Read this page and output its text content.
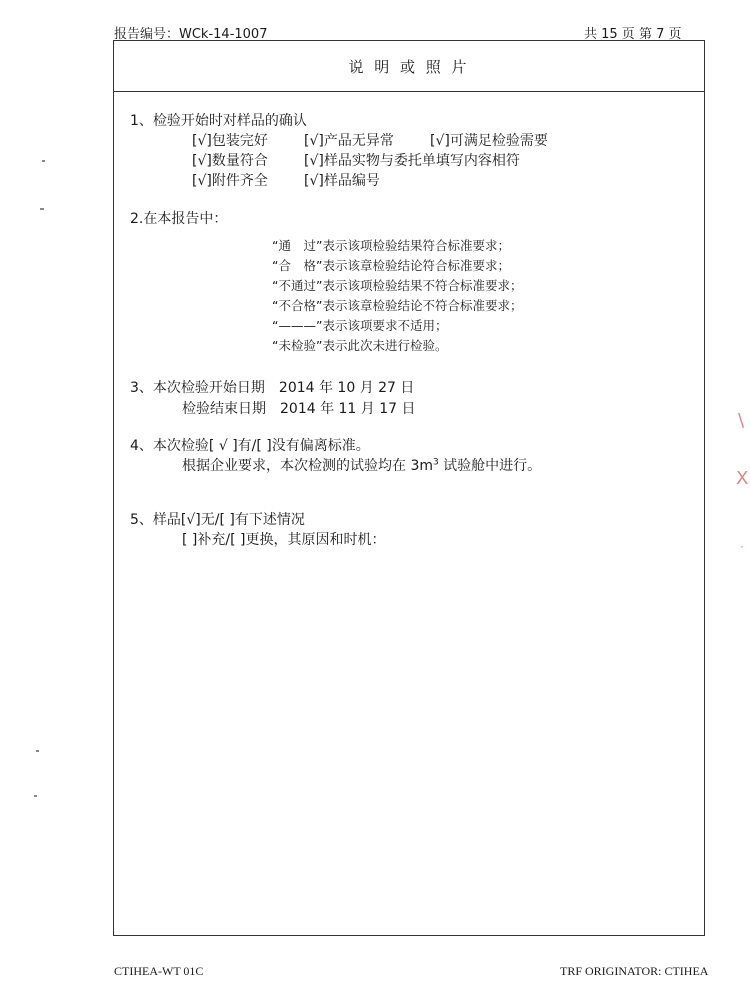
报告编号：WCk-14-1007	共 15 页 第 7 页
说 明 或 照 片
1、检验开始时对样品的确认
[√]包装完好	[√]产品无异常	[√]可满足检验需要
[√]数量符合	[√]样品实物与委托单填写内容相符
[√]附件齐全	[√]样品编号
2.在本报告中：
“通　过”表示该项检验结果符合标准要求；
“合　格”表示该章检验结论符合标准要求；
“不通过”表示该项检验结果不符合标准要求；
“不合格”表示该章检验结论不符合标准要求；
“———”表示该项要求不适用；
“未检验”表示此次未进行检验。
3、本次检验开始日期　2014 年 10 月 27 日
检验结束日期　2014 年 11 月 17 日
4、本次检验[ √ ]有/[ ]没有偏离标准。
根据企业要求，本次检测的试验均在 $3m^3$ 试验舱中进行。
5、样品[√]无/[ ]有下述情况
[ ]补充/[ ]更换，其原因和时机：
\
X
·
CTIHEA-WT 01C	TRF ORIGINATOR: CTIHEA
